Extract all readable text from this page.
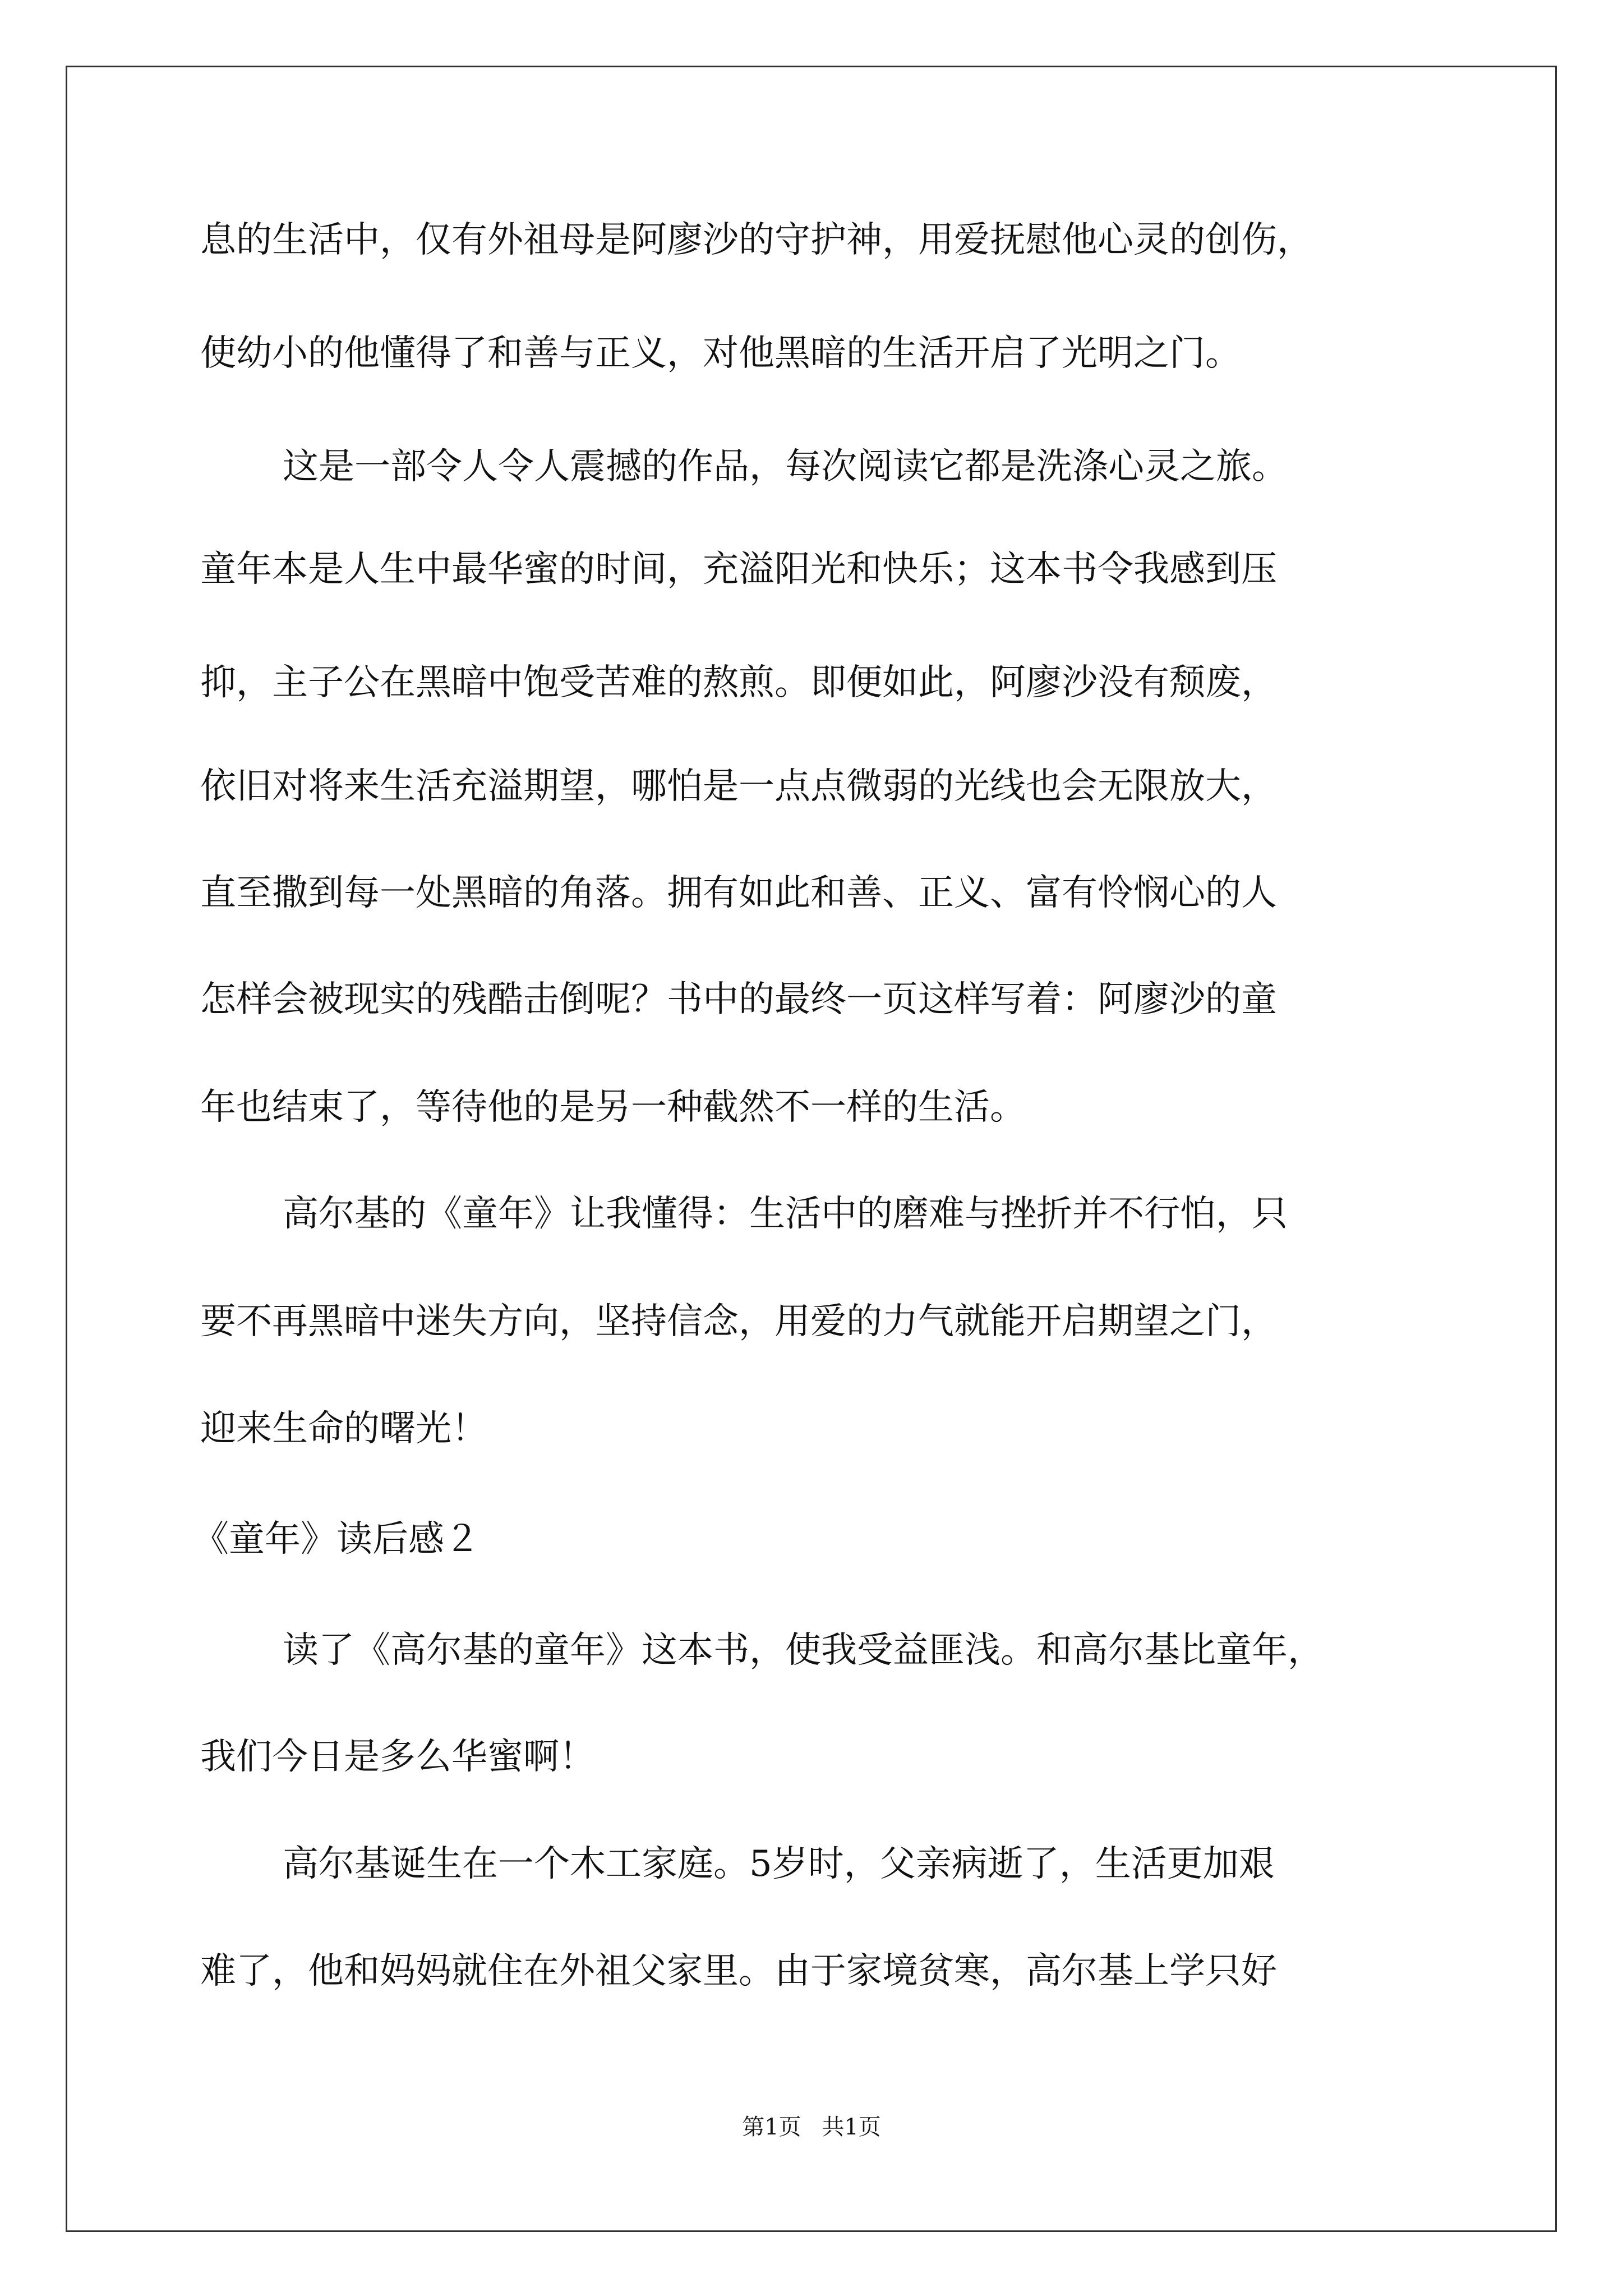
息的生活中，仅有外祖母是阿廖沙的守护神，用爱抚慰他心灵的创伤，
使幼小的他懂得了和善与正义，对他黑暗的生活开启了光明之门。
这是一部令人令人震撼的作品，每次阅读它都是洗涤心灵之旅。
童年本是人生中最华蜜的时间，充溢阳光和快乐；这本书令我感到压
抑，主子公在黑暗中饱受苦难的熬煎。即便如此，阿廖沙没有颓废，
依旧对将来生活充溢期望，哪怕是一点点微弱的光线也会无限放大，
直至撒到每一处黑暗的角落。拥有如此和善、正义、富有怜悯心的人
怎样会被现实的残酷击倒呢？书中的最终一页这样写着：阿廖沙的童
年也结束了，等待他的是另一种截然不一样的生活。
高尔基的《童年》让我懂得：生活中的磨难与挫折并不行怕，只
要不再黑暗中迷失方向，坚持信念，用爱的力气就能开启期望之门，
迎来生命的曙光！
读了《高尔基的童年》这本书，使我受益匪浅。和高尔基比童年，
我们今日是多么华蜜啊！
高尔基诞生在一个木工家庭。5岁时，父亲病逝了，生活更加艰
难了，他和妈妈就住在外祖父家里。由于家境贫寒，高尔基上学只好
《童年》读后感２
第1页 共1页
